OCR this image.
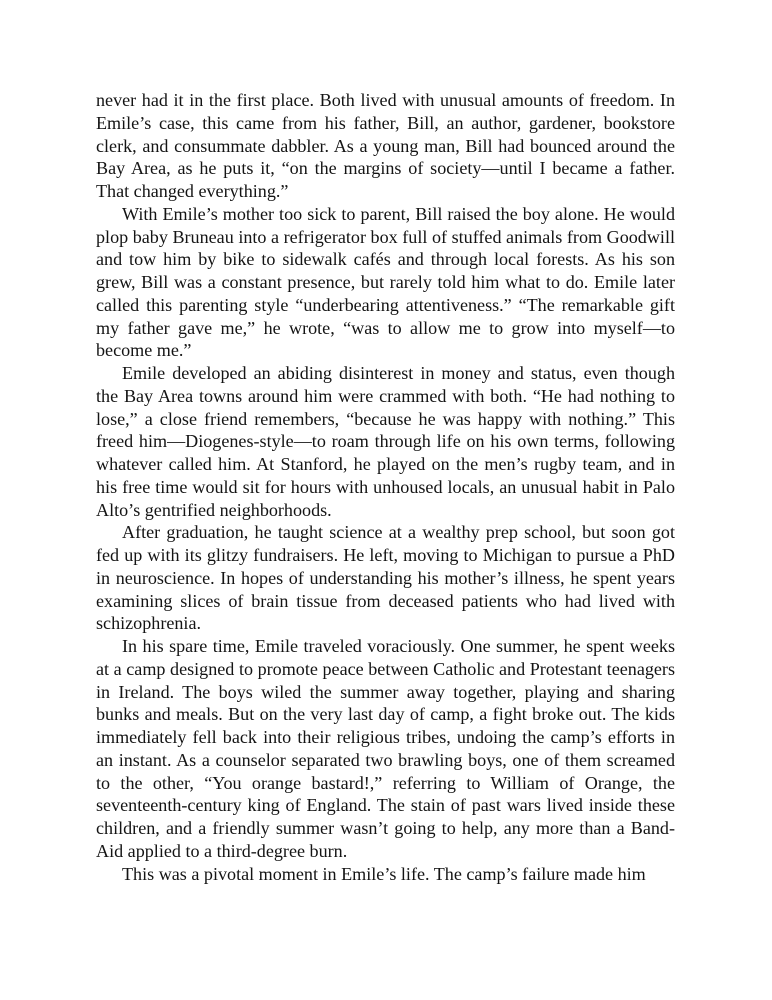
never had it in the first place. Both lived with unusual amounts of freedom. In Emile’s case, this came from his father, Bill, an author, gardener, bookstore clerk, and consummate dabbler. As a young man, Bill had bounced around the Bay Area, as he puts it, “on the margins of society—until I became a father. That changed everything.”

With Emile’s mother too sick to parent, Bill raised the boy alone. He would plop baby Bruneau into a refrigerator box full of stuffed animals from Goodwill and tow him by bike to sidewalk cafés and through local forests. As his son grew, Bill was a constant presence, but rarely told him what to do. Emile later called this parenting style “underbearing attentiveness.” “The remarkable gift my father gave me,” he wrote, “was to allow me to grow into myself—to become me.”

Emile developed an abiding disinterest in money and status, even though the Bay Area towns around him were crammed with both. “He had nothing to lose,” a close friend remembers, “because he was happy with nothing.” This freed him—Diogenes-style—to roam through life on his own terms, following whatever called him. At Stanford, he played on the men’s rugby team, and in his free time would sit for hours with unhoused locals, an unusual habit in Palo Alto’s gentrified neighborhoods.

After graduation, he taught science at a wealthy prep school, but soon got fed up with its glitzy fundraisers. He left, moving to Michigan to pursue a PhD in neuroscience. In hopes of understanding his mother’s illness, he spent years examining slices of brain tissue from deceased patients who had lived with schizophrenia.

In his spare time, Emile traveled voraciously. One summer, he spent weeks at a camp designed to promote peace between Catholic and Protestant teenagers in Ireland. The boys wiled the summer away together, playing and sharing bunks and meals. But on the very last day of camp, a fight broke out. The kids immediately fell back into their religious tribes, undoing the camp’s efforts in an instant. As a counselor separated two brawling boys, one of them screamed to the other, “You orange bastard!,” referring to William of Orange, the seventeenth-century king of England. The stain of past wars lived inside these children, and a friendly summer wasn’t going to help, any more than a Band-Aid applied to a third-degree burn.

This was a pivotal moment in Emile’s life. The camp’s failure made him
